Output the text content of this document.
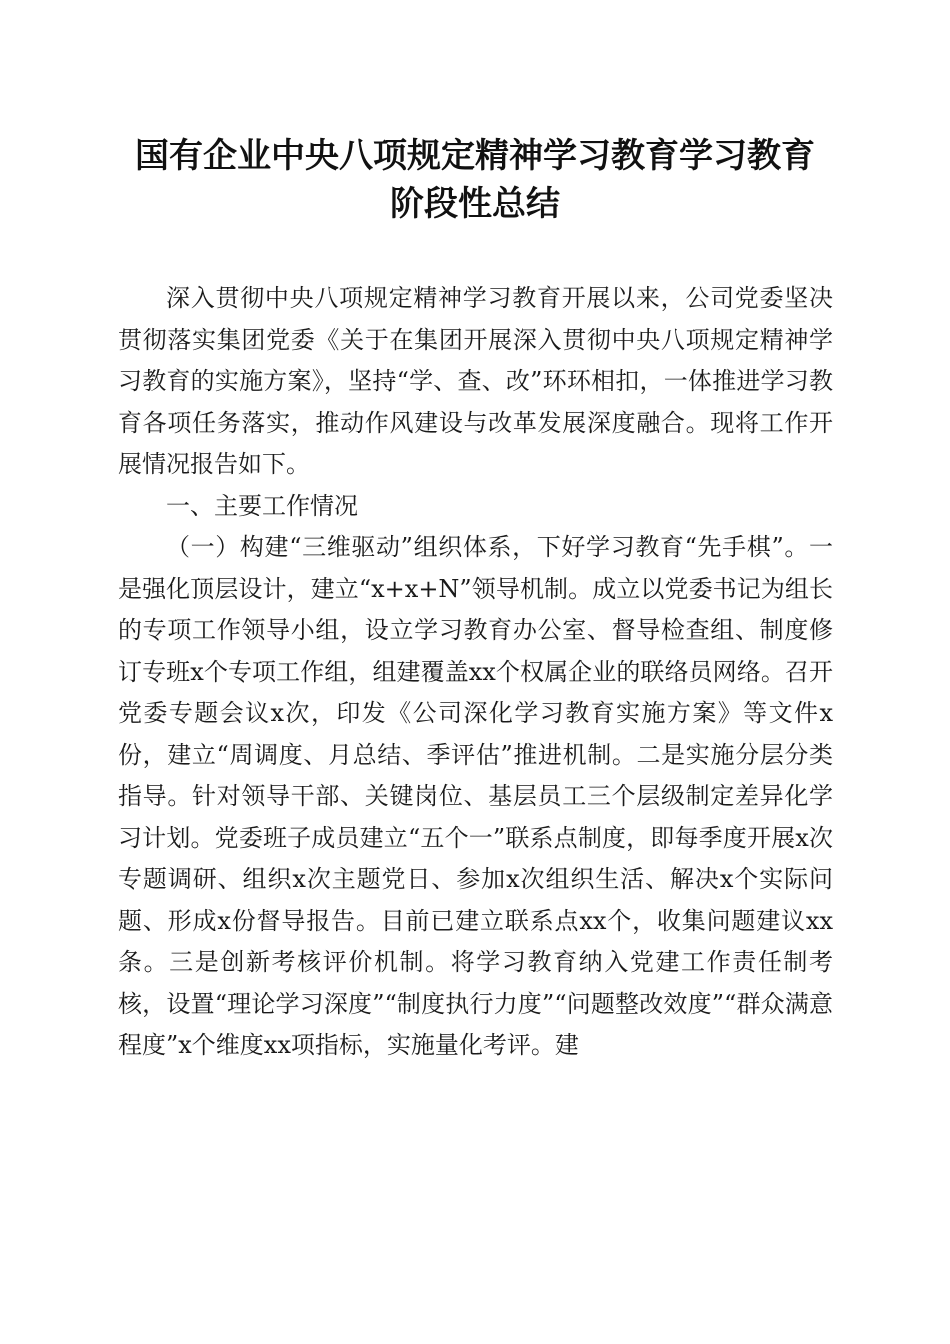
国有企业中央八项规定精神学习教育学习教育
阶段性总结

深入贯彻中央八项规定精神学习教育开展以来，公司党委坚决贯彻落实集团党委《关于在集团开展深入贯彻中央八项规定精神学习教育的实施方案》，坚持“学、查、改”环环相扣，一体推进学习教育各项任务落实，推动作风建设与改革发展深度融合。现将工作开展情况报告如下。

一、主要工作情况

（一）构建“三维驱动”组织体系，下好学习教育“先手棋”。一是强化顶层设计，建立“x+x+N”领导机制。成立以党委书记为组长的专项工作领导小组，设立学习教育办公室、督导检查组、制度修订专班x个专项工作组，组建覆盖xx个权属企业的联络员网络。召开党委专题会议x次，印发《公司深化学习教育实施方案》等文件x份，建立“周调度、月总结、季评估”推进机制。二是实施分层分类指导。针对领导干部、关键岗位、基层员工三个层级制定差异化学习计划。党委班子成员建立“五个一”联系点制度，即每季度开展x次专题调研、组织x次主题党日、参加x次组织生活、解决x个实际问题、形成x份督导报告。目前已建立联系点xx个，收集问题建议xx条。三是创新考核评价机制。将学习教育纳入党建工作责任制考核，设置“理论学习深度”“制度执行力度”“问题整改效度”“群众满意程度”x个维度xx项指标，实施量化考评。建
